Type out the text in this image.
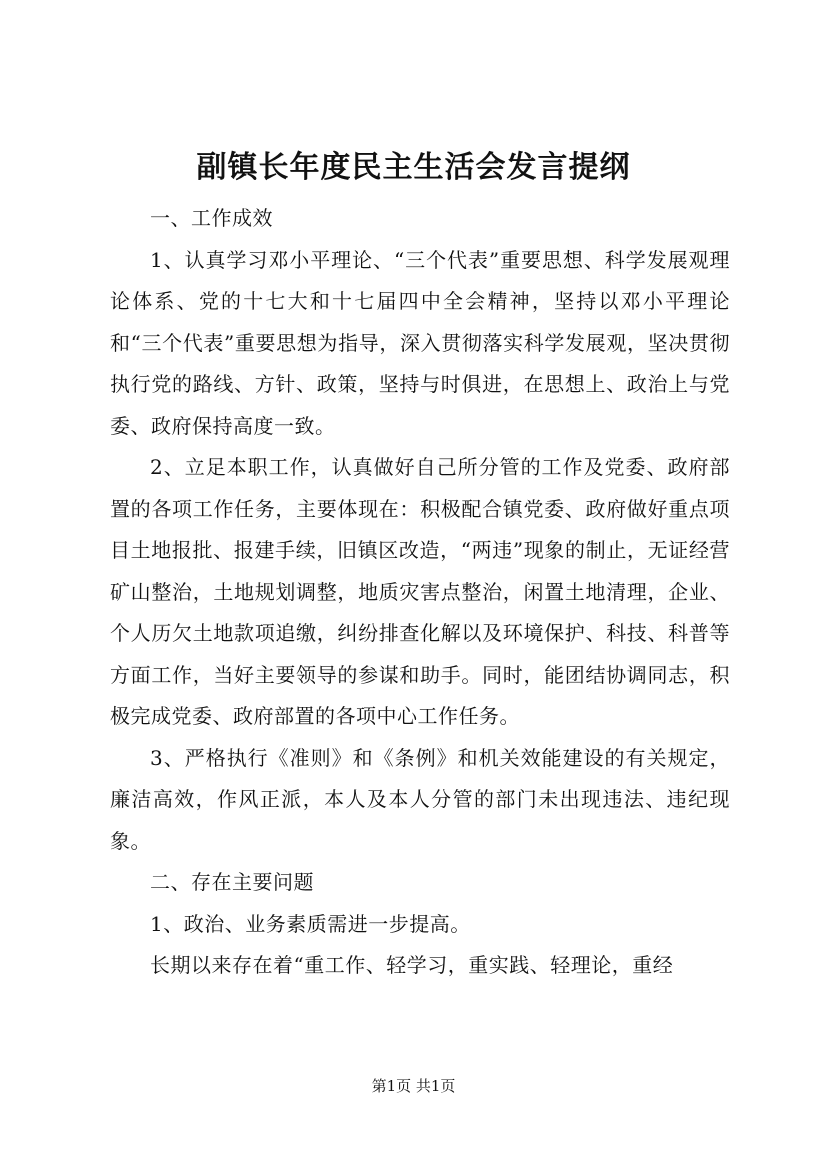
副镇长年度民主生活会发言提纲

一、工作成效

1、认真学习邓小平理论、“三个代表”重要思想、科学发展观理论体系、党的十七大和十七届四中全会精神，坚持以邓小平理论和“三个代表”重要思想为指导，深入贯彻落实科学发展观，坚决贯彻执行党的路线、方针、政策，坚持与时俱进，在思想上、政治上与党委、政府保持高度一致。

2、立足本职工作，认真做好自己所分管的工作及党委、政府部置的各项工作任务，主要体现在：积极配合镇党委、政府做好重点项目土地报批、报建手续，旧镇区改造，“两违”现象的制止，无证经营矿山整治，土地规划调整，地质灾害点整治，闲置土地清理，企业、个人历欠土地款项追缴，纠纷排查化解以及环境保护、科技、科普等方面工作，当好主要领导的参谋和助手。同时，能团结协调同志，积极完成党委、政府部置的各项中心工作任务。

3、严格执行《准则》和《条例》和机关效能建设的有关规定，廉洁高效，作风正派，本人及本人分管的部门未出现违法、违纪现象。

二、存在主要问题

1、政治、业务素质需进一步提高。

长期以来存在着“重工作、轻学习，重实践、轻理论，重经

第1页 共1页
